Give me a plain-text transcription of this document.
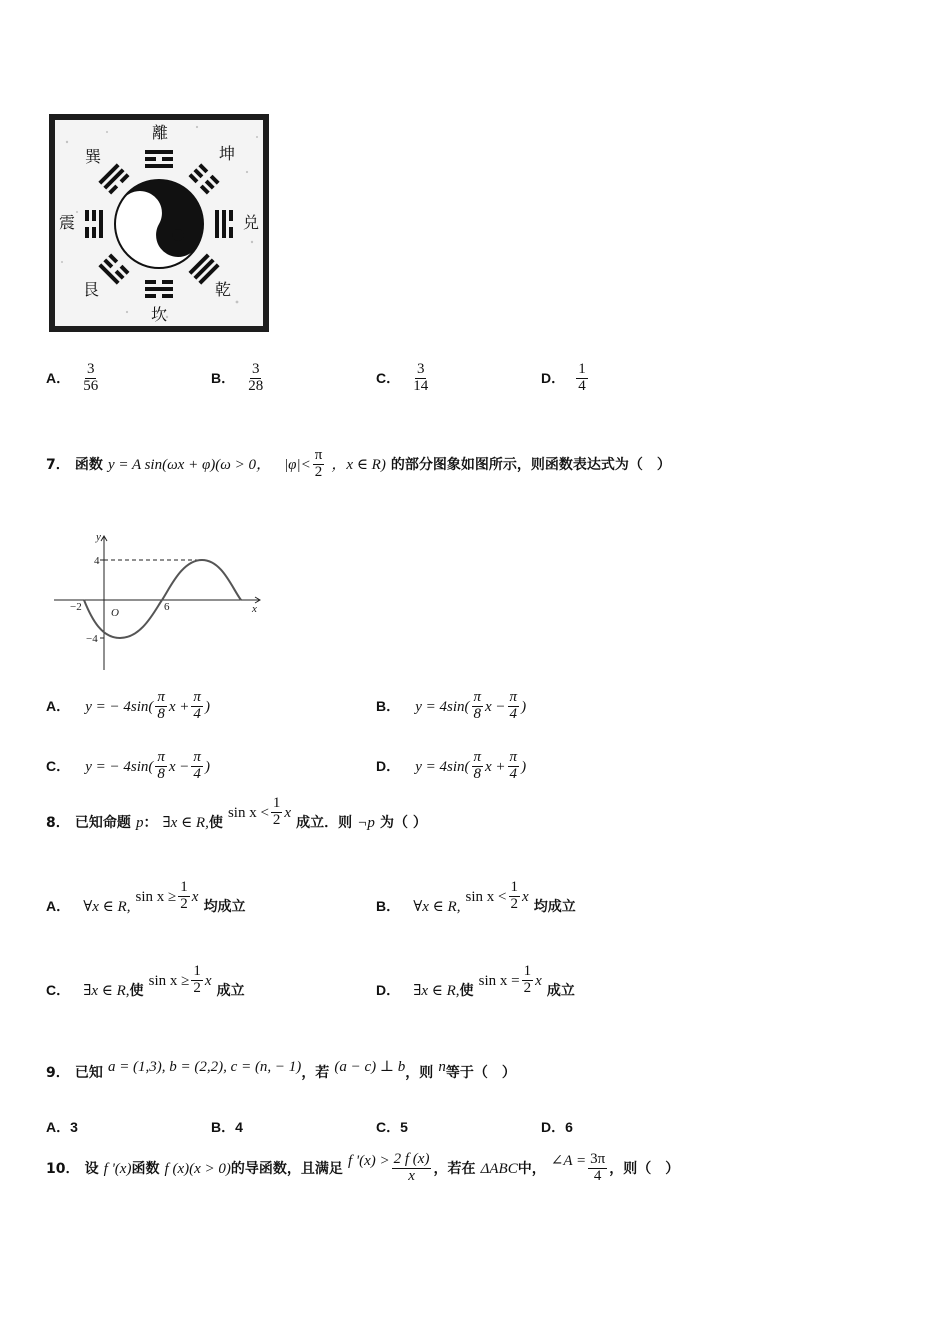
離
坤
兑
乾
坎
艮
震
巽
A． $\frac{3}{56}$	B． $\frac{3}{28}$	C． $\frac{3}{14}$	D． $\frac{1}{4}$
7． 函数 y = A sin(ωx + φ)(ω > 0， $|\varphi|< \frac{\pi}{2}$ ，x ∈ R) 的部分图象如图所示，则函数表达式为（　）
y
x
O
−2	6
4
−4
A． y = − $4\sin( \frac{\pi}{8}$ $x + \frac{\pi}{4}$ )	B． $y = 4\sin( \frac{\pi}{8}$ $x - \frac{\pi}{4}$ )
C． y = − $4\sin( \frac{\pi}{8}$ $x - \frac{\pi}{4}$ )	D． $y = 4\sin( \frac{\pi}{8}$ $x + \frac{\pi}{4}$ )
8． 已知命题 p： ∃x ∈ R,使 $\sin x < \frac{1}{2}$ x 成立．则 ¬p 为（ ）
A． ∀x ∈ R, $\sin x \ge \frac{1}{2}$ x 均成立	B． ∀x ∈ R, $\sin x < \frac{1}{2}$ x 均成立
C． ∃x ∈ R,使 $\sin x \ge \frac{1}{2}$ x 成立	D． ∃x ∈ R,使 $\sin x = \frac{1}{2}$ x 成立
9． 已知 a = (1,3), b = (2,2), c = (n, − 1)，若 (a − c) ⊥ b，则 n等于（　）
A．3	B．4	C．5	D．6
10． 设 f '(x)函数 f (x)(x > 0)的导函数，且满足 f '$(x) > \frac{2 f (x)}{x}$ ，若在 ΔABC中， ∠A = $\frac{3\pi}{4}$ ，则（　）
